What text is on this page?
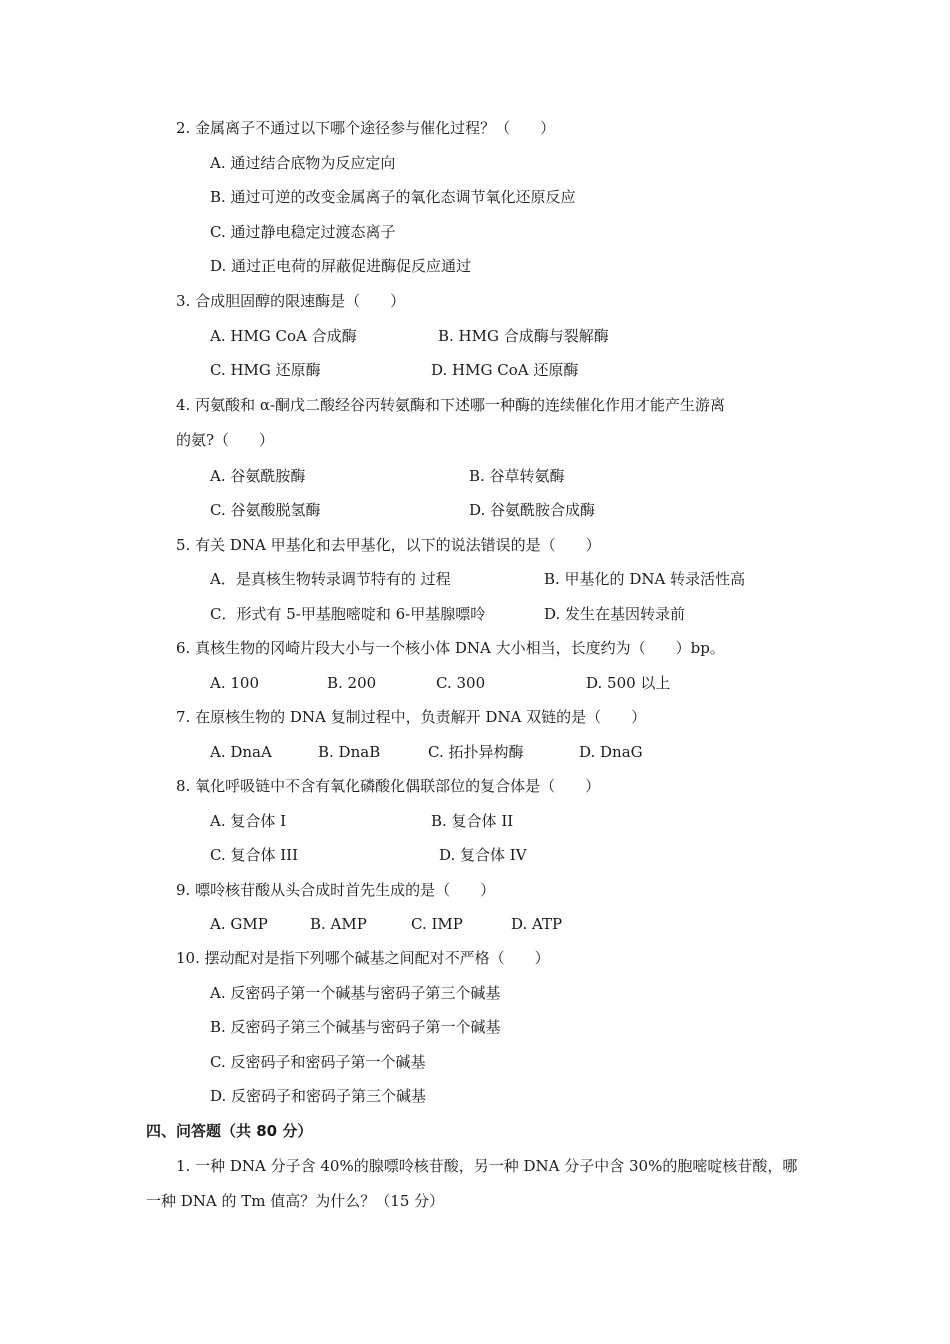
2. 金属离子不通过以下哪个途径参与催化过程？（　　）
A. 通过结合底物为反应定向
B. 通过可逆的改变金属离子的氧化态调节氧化还原反应
C. 通过静电稳定过渡态离子
D. 通过正电荷的屏蔽促进酶促反应通过
3. 合成胆固醇的限速酶是（　　）
A. HMG CoA 合成酶	B. HMG 合成酶与裂解酶
C. HMG 还原酶	D. HMG CoA 还原酶
4. 丙氨酸和 α-酮戊二酸经谷丙转氨酶和下述哪一种酶的连续催化作用才能产生游离
的氨?（　　）
A. 谷氨酰胺酶	B. 谷草转氨酶
C. 谷氨酸脱氢酶	D. 谷氨酰胺合成酶
5. 有关 DNA 甲基化和去甲基化，以下的说法错误的是（　　）
A．是真核生物转录调节特有的 过程	B. 甲基化的 DNA 转录活性高
C．形式有 5-甲基胞嘧啶和 6-甲基腺嘌呤	D. 发生在基因转录前
6. 真核生物的冈崎片段大小与一个核小体 DNA 大小相当，长度约为（　　）bp。
A. 100	B. 200	C. 300	D. 500 以上
7. 在原核生物的 DNA 复制过程中，负责解开 DNA 双链的是（　　）
A. DnaA	B. DnaB	C. 拓扑异构酶	D. DnaG
8. 氧化呼吸链中不含有氧化磷酸化偶联部位的复合体是（　　）
A. 复合体 I	B. 复合体 II
C. 复合体 III	D. 复合体 IV
9. 嘌呤核苷酸从头合成时首先生成的是（　　）
A. GMP	B. AMP	C. IMP	D. ATP
10. 摆动配对是指下列哪个碱基之间配对不严格（　　）
A. 反密码子第一个碱基与密码子第三个碱基
B. 反密码子第三个碱基与密码子第一个碱基
C. 反密码子和密码子第一个碱基
D. 反密码子和密码子第三个碱基
四、问答题（共 80 分）
1. 一种 DNA 分子含 40%的腺嘌呤核苷酸，另一种 DNA 分子中含 30%的胞嘧啶核苷酸，哪
一种 DNA 的 Tm 值高？为什么？（15 分）
